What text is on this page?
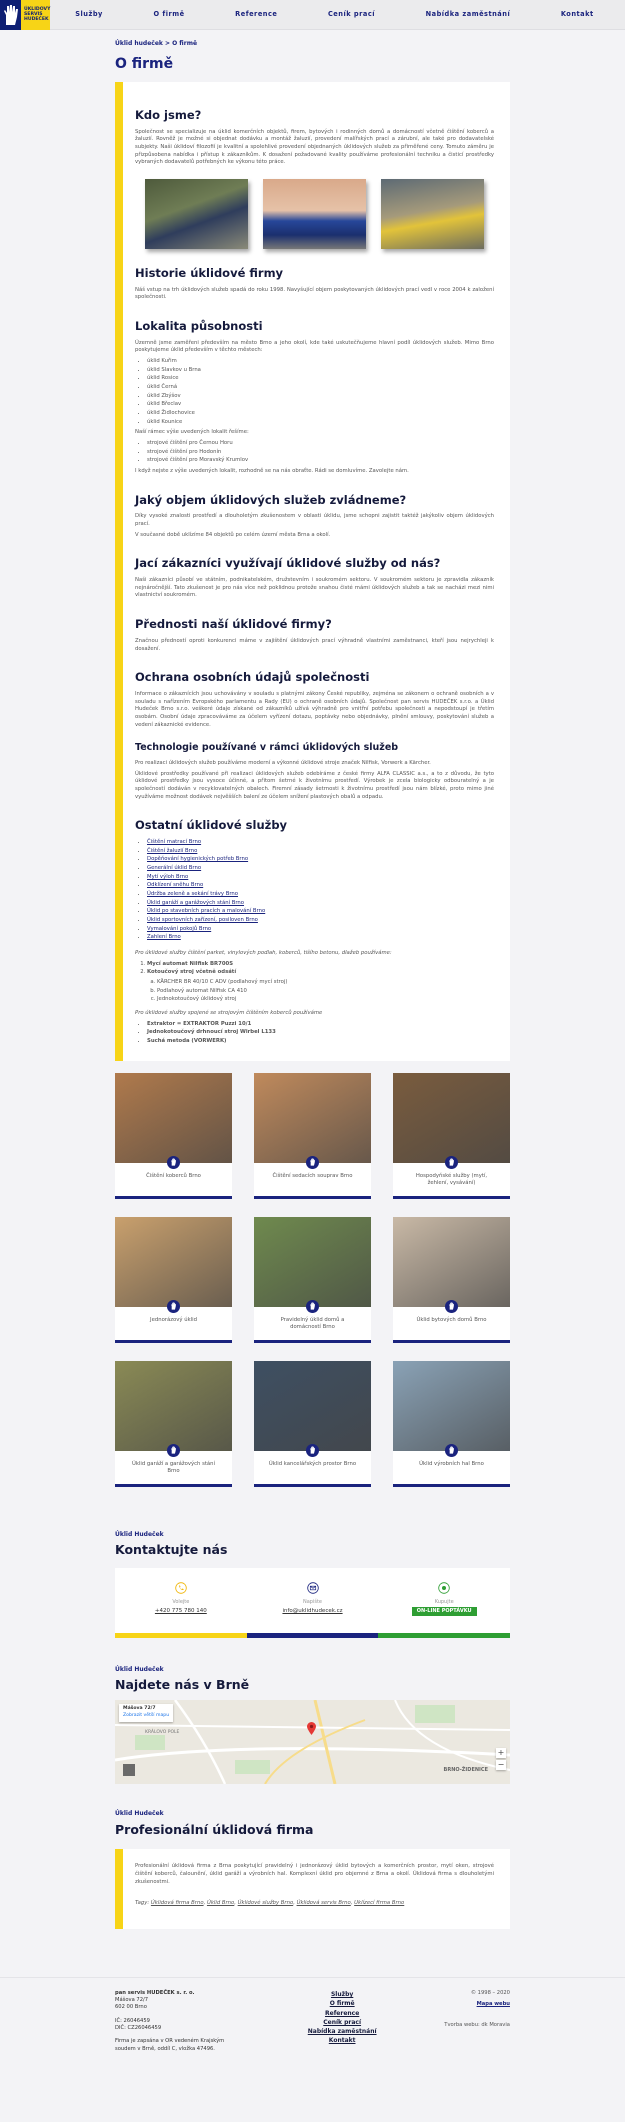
ÚKLIDOVÝ
SERVIS
HUDEČEK
Služby	O firmě	Reference	Ceník prací	Nabídka zaměstnání	Kontakt
Úklid hudeček > O firmě
O firmě
Kdo jsme?

Společnost se specializuje na úklid komerčních objektů, firem, bytových i rodinných domů a domácností včetně čištění koberců a žaluzií. Rovněž je možné si objednat dodávku a montáž žaluzií, provedení malířských prací a zárubní, ale také pro dodavatelské subjekty. Naši úklidoví filozofií je kvalitní a spolehlivé provedení objednaných úklidových služeb za přiměřené ceny. Tomuto záměru je přizpůsobena nabídka i přístup k zákazníkům. K dosažení požadované kvality používáme profesionální techniku a čisticí prostředky vybraných dodavatelů potřebných ke výkonu této práce.

Historie úklidové firmy

Náš vstup na trh úklidových služeb spadá do roku 1998. Navyšující objem poskytovaných úklidových prací vedl v roce 2004 k založení společnosti.

Lokalita působnosti

Územně jsme zaměřeni především na město Brno a jeho okolí, kde také uskutečňujeme hlavní podíl úklidových služeb. Mimo Brno poskytujeme úklid především v těchto městech:

• úklid Kuřim
• úklid Slavkov u Brna
• úklid Rosice
• úklid Černá
• úklid Zbýšov
• úklid Břeclav
• úklid Židlochovice
• úklid Kounice

Naší rámec výše uvedených lokalit řešíme:

• strojové čištění pro Černou Horu
• strojové čištění pro Hodonín
• strojové čištění pro Moravský Krumlov

I když nejste z výše uvedených lokalit, rozhodně se na nás obraťte. Rádi se domluvíme. Zavolejte nám.

Jaký objem úklidových služeb zvládneme?

Díky vysoké znalosti prostředí a dlouholetým zkušenostem v oblasti úklidu, jsme schopni zajistit taktéž jakýkoliv objem úklidových prací.

V současné době uklízíme 84 objektů po celém území města Brna a okolí.

Jací zákazníci využívají úklidové služby od nás?

Naši zákazníci působí ve státním, podnikatelském, družstevním i soukromém sektoru. V soukromém sektoru je zpravidla zákazník nejnáročnější. Tato zkušenost je pro nás více než poklidnou protože snahou čisté mámi úklidových služeb a tak se nacházi mezi nimi vlastnictví soukromém.

Přednosti naší úklidové firmy?

Značnou předností oproti konkurenci máme v zajištění úklidových prací výhradně vlastními zaměstnanci, kteří jsou nejrychleji k dosažení.

Ochrana osobních údajů společnosti

Informace o zákaznících jsou uchovávány v souladu s platnými zákony České republiky, zejména se zákonem o ochraně osobních a v souladu s nařízením Evropského parlamentu a Rady (EU) o ochraně osobních údajů. Společnost pan servis HUDEČEK s.r.o. a Úklid Hudeček Brno s.r.o. veškeré údaje získané od zákazníků užívá výhradně pro vnitřní potřebu společnosti a nepodstoupí je třetím osobám. Osobní údaje zpracováváme za účelem vyřízení dotazu, poptávky nebo objednávky, plnění smlouvy, poskytování služeb a vedení zákaznické evidence.

Technologie používané v rámci úklidových služeb

Pro realizaci úklidových služeb používáme moderní a výkonné úklidové stroje značek Nilfisk, Vorwerk a Kärcher.

Úklidové prostředky používané při realizaci úklidových služeb odebíráme z české firmy ALFA CLASSIC a.s., a to z důvodu, že tyto úklidové prostředky jsou vysoce účinné, a přitom šetrné k životnímu prostředí. Výrobek je zcela biologicky odbouratelný a je společností dodáván v recyklovatelných obalech. Firemní zásady šetrnosti k životnímu prostředí jsou nám blízké, proto mimo jiné využíváme možnost dodávek nejvěšších balení ze účelem snížení plastových obalů a odpadu.

Ostatní úklidové služby
• Čištění matrací Brno
• Čištění žaluzií Brno
• Dopěňování hygienických potřeb Brno
• Generální úklid Brno
• Mytí výloh Brno
• Odklízení sněhu Brno
• Údržba zeleně a sekání trávy Brno
• Úklid garáží a garážových stání Brno
• Úklid po stavebních pracích a malování Brno
• Úklid sportovních zařízení, posiloven Brno
• Vymalování pokojů Brno
• Zahlení Brno

Pro úklidové služby čištění parket, vinylových podlah, koberců, tišího betonu, dlažeb používáme:

1. Mycí automat Nilfisk BR700S
2. Kotoučový stroj včetně odsátí
a. KÄRCHER BR 40/10 C ADV (podlahový mycí stroj)
b. Podlahový automat Nilfisk CA 410
c. Jednokotoučový úklidový stroj

Pro úklidové služby spojené se strojovým čištěním koberců používáme

• Extraktor = EXTRAKTOR Puzzi 10/1
• Jednokotoučový drhnoucí stroj Wirbel L133
• Suchá metoda (VORWERK)
Čištění koberců Brno	Čištění sedacích souprav Brno	Hospodyňské služby (mytí, žehlení, vysávání)
Jednorázový úklid	Pravidelný úklid domů a domácností Brno
Úklid bytových domů Brno
Úklid garáží a garážových stání Brno
Úklid kancelářských prostor Brno	Úklid výrobních hal Brno
Úklid Hudeček
Kontaktujte nás
Volejte
+420 775 780 140
Napište
info@uklidhudecek.cz
Kupujte
ON-LINE POPTÁVKU
Úklid Hudeček
Najdete nás v Brně
Mášova 72/7
Zobrazit větší mapu
BRNO-ŽIDENICE
KRÁLOVO POLE
+
−
Úklid Hudeček
Profesionální úklidová firma

Profesionální úklidová firma z Brna poskytující pravidelný i jednorázový úklid bytových a komerčních prostor, mytí oken, strojové čištění koberců, čalounění, úklid garáží a výrobních hal. Komplexní úklid pro objemné z Brna a okolí. Úklidová firma s dlouholetými zkušenostmi.

Tagy: Úklidová firma Brno, Úklid Brno, Úklidové služby Brno, Úklidová servis Brno, Uklízecí firma Brno

pan servis HUDEČEK s. r. o.
Mášova 72/7
602 00 Brno
IČ: 26046459
DIČ: CZ26046459
Firma je zapsána v OR vedeném Krajským soudem v Brně, oddíl C, vložka 47496.
Služby
O firmě
Reference
Ceník prací
Nabídka zaměstnání
Kontakt
© 1998 – 2020
Mapa webu
Tvorba webu: dk Moravia
